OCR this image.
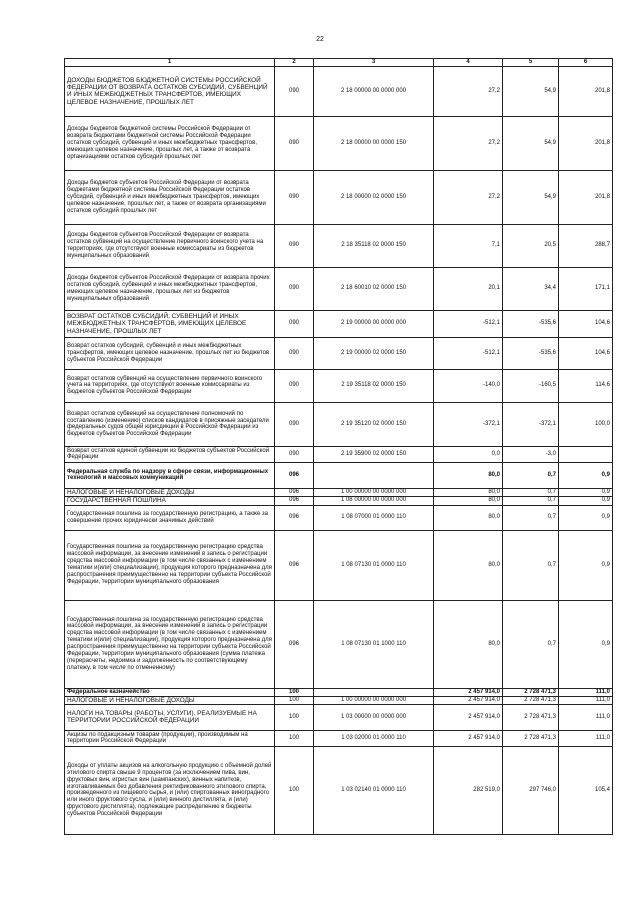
22
1	2	3	4	5	6
ДОХОДЫ БЮДЖЕТОВ БЮДЖЕТНОЙ СИСТЕМЫ РОССИЙСКОЙ ФЕДЕРАЦИИ ОТ ВОЗВРАТА ОСТАТКОВ СУБСИДИЙ, СУБВЕНЦИЙ И ИНЫХ МЕЖБЮДЖЕТНЫХ ТРАНСФЕРТОВ, ИМЕЮЩИХ ЦЕЛЕВОЕ НАЗНАЧЕНИЕ, ПРОШЛЫХ ЛЕТ	090	2 18 00000 00 0000 000	27,2	54,9	201,8
Доходы бюджетов бюджетной системы Российской Федерации от возврата бюджетами бюджетной системы Российской Федерации остатков субсидий, субвенций и иных межбюджетных трансфертов, имеющих целевое назначение, прошлых лет, а также от возврата организациями остатков субсидий прошлых лет	090	2 18 00000 00 0000 150	27,2	54,9	201,8
Доходы бюджетов субъектов Российской Федерации от возврата бюджетами бюджетной системы Российской Федерации остатков субсидий, субвенций и иных межбюджетных трансфертов, имеющих целевое назначение, прошлых лет, а также от возврата организациями остатков субсидий прошлых лет	090	2 18 00000 02 0000 150	27,2	54,9	201,8
Доходы бюджетов субъектов Российской Федерации от возврата остатков субвенций на осуществление первичного воинского учета на территориях, где отсутствуют военные комиссариаты из бюджетов муниципальных образований	090	2 18 35118 02 0000 150	7,1	20,5	288,7
Доходы бюджетов субъектов Российской Федерации от возврата прочих остатков субсидий, субвенций и иных межбюджетных трансфертов, имеющих целевое назначение, прошлых лет из бюджетов муниципальных образований	090	2 18 60010 02 0000 150	20,1	34,4	171,1
ВОЗВРАТ ОСТАТКОВ СУБСИДИЙ, СУБВЕНЦИЙ И ИНЫХ МЕЖБЮДЖЕТНЫХ ТРАНСФЕРТОВ, ИМЕЮЩИХ ЦЕЛЕВОЕ НАЗНАЧЕНИЕ, ПРОШЛЫХ ЛЕТ	090	2 19 00000 00 0000 000	-512,1	-535,6	104,6
Возврат остатков субсидий, субвенций и иных межбюджетных трансфертов, имеющих целевое назначение, прошлых лет из бюджетов субъектов Российской Федерации	090	2 19 00000 02 0000 150	-512,1	-535,6	104,6
Возврат остатков субвенций на осуществление первичного воинского учета на территориях, где отсутствуют военные комиссариаты из бюджетов субъектов Российской Федерации	090	2 19 35118 02 0000 150	-140,0	-160,5	114,6
Возврат остатков субвенций на осуществление полномочий по составлению (изменению) списков кандидатов в присяжные заседатели федеральных судов общей юрисдикции в Российской Федерации из бюджетов субъектов Российской Федерации	090	2 19 35120 02 0000 150	-372,1	-372,1	100,0
Возврат остатков единой субвенции из бюджетов субъектов Российской Федерации	090	2 19 35900 02 0000 150	0,0	-3,0	
Федеральная служба по надзору в сфере связи, информационных технологий и массовых коммуникаций	096		80,0	0,7	0,9
НАЛОГОВЫЕ И НЕНАЛОГОВЫЕ ДОХОДЫ	096	1 00 00000 00 0000 000	80,0	0,7	0,9
ГОСУДАРСТВЕННАЯ ПОШЛИНА	096	1 08 00000 00 0000 000	80,0	0,7	0,9
Государственная пошлина за государственную регистрацию, а также за совершение прочих юридически значимых действий	096	1 08 07000 01 0000 110	80,0	0,7	0,9
Государственная пошлина за государственную регистрацию средства массовой информации, за внесение изменений в запись о регистрации средства массовой информации (в том числе связанных с изменением тематики и(или) специализации), продукция которого предназначена для распространения преимущественно на территории субъекта Российской Федерации, территории муниципального образования	096	1 08 07130 01 0000 110	80,0	0,7	0,9
Государственная пошлина за государственную регистрацию средства массовой информации, за внесение изменений в запись о регистрации средства массовой информации (в том числе связанных с изменением тематики и(или) специализации), продукция которого предназначена для распространения преимущественно на территории субъекта Российской Федерации, территории муниципального образования (сумма платежа (перерасчеты, недоимка и задолженность по соответствующему платежу, в том числе по отмененному)	096	1 08 07130 01 1000 110	80,0	0,7	0,9
Федеральное казначейство	100		2 457 914,0	2 728 471,3	111,0
НАЛОГОВЫЕ И НЕНАЛОГОВЫЕ ДОХОДЫ	100	1 00 00000 00 0000 000	2 457 914,0	2 728 471,3	111,0
НАЛОГИ НА ТОВАРЫ (РАБОТЫ, УСЛУГИ), РЕАЛИЗУЕМЫЕ НА ТЕРРИТОРИИ РОССИЙСКОЙ ФЕДЕРАЦИИ	100	1 03 00000 00 0000 000	2 457 914,0	2 728 471,3	111,0
Акцизы по подакцизным товарам (продукции), производимым на территории Российской Федерации	100	1 03 02000 01 0000 110	2 457 914,0	2 728 471,3	111,0
Доходы от уплаты акцизов на алкогольную продукцию с объемной долей этилового спирта свыше 9 процентов (за исключением пива, вин, фруктовых вин, игристых вин (шампанских), винных напитков, изготавливаемых без добавления ректификованного этилового спирта, произведенного из пищевого сырья, и (или) спиртованных виноградного или иного фруктового сусла, и (или) винного дистиллята, и (или) фруктового дистиллята), подлежащие распределению в бюджеты субъектов Российской Федерации	100	1 03 02140 01 0000 110	282 519,0	297 746,0	105,4
